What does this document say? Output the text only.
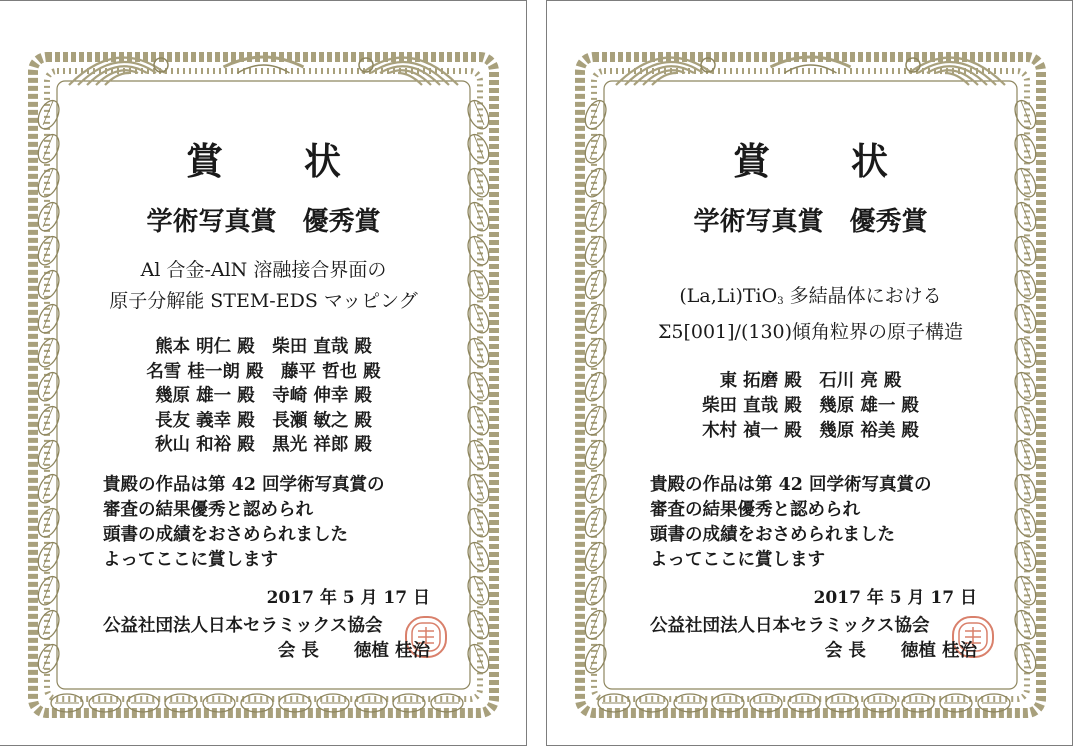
賞 状
学術写真賞　優秀賞
Al 合金-AlN 溶融接合界面の
原子分解能 STEM-EDS マッピング
熊本 明仁 殿　柴田 直哉 殿
名雪 桂一朗 殿　藤平 哲也 殿
幾原 雄一 殿　寺崎 伸幸 殿
長友 義幸 殿　長瀬 敏之 殿
秋山 和裕 殿　黒光 祥郎 殿
貴殿の作品は第 42 回学術写真賞の
審査の結果優秀と認められ
頭書の成績をおさめられました
よってここに賞します
2017 年 5 月 17 日
公益社団法人日本セラミックス協会
会 長　　徳植 桂治
賞 状
学術写真賞　優秀賞
(La,Li)TiO$_3$ 多結晶体における
Σ5[001]/(130)傾角粒界の原子構造
東 拓磨 殿　石川 亮 殿
柴田 直哉 殿　幾原 雄一 殿
木村 禎一 殿　幾原 裕美 殿
貴殿の作品は第 42 回学術写真賞の
審査の結果優秀と認められ
頭書の成績をおさめられました
よってここに賞します
2017 年 5 月 17 日
公益社団法人日本セラミックス協会
会 長　　徳植 桂治
